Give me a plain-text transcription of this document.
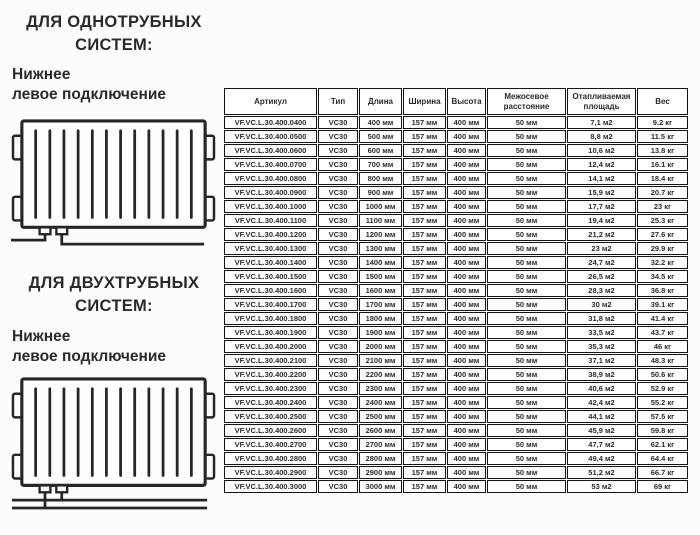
ДЛЯ ОДНОТРУБНЫХ
СИСТЕМ:
Нижнее
левое подключение
ДЛЯ ДВУХТРУБНЫХ
СИСТЕМ:
Нижнее
левое подключение
Артикул	Тип	Длина	Ширина	Высота	Межосевое расстояние	Отапливаемая площадь	Вес
VF.VC.L.30.400.0400	VC30	400 мм	157 мм	400 мм	50 мм	7,1 м2	9.2 кг
VF.VC.L.30.400.0500	VC30	500 мм	157 мм	400 мм	50 мм	8,8 м2	11.5 кг
VF.VC.L.30.400.0600	VC30	600 мм	157 мм	400 мм	50 мм	10,6 м2	13.8 кг
VF.VC.L.30.400.0700	VC30	700 мм	157 мм	400 мм	50 мм	12,4 м2	16.1 кг
VF.VC.L.30.400.0800	VC30	800 мм	157 мм	400 мм	50 мм	14,1 м2	18.4 кг
VF.VC.L.30.400.0900	VC30	900 мм	157 мм	400 мм	50 мм	15,9 м2	20.7 кг
VF.VC.L.30.400.1000	VC30	1000 мм	157 мм	400 мм	50 мм	17,7 м2	23 кг
VF.VC.L.30.400.1100	VC30	1100 мм	157 мм	400 мм	50 мм	19,4 м2	25.3 кг
VF.VC.L.30.400.1200	VC30	1200 мм	157 мм	400 мм	50 мм	21,2 м2	27.6 кг
VF.VC.L.30.400.1300	VC30	1300 мм	157 мм	400 мм	50 мм	23 м2	29.9 кг
VF.VC.L.30.400.1400	VC30	1400 мм	157 мм	400 мм	50 мм	24,7 м2	32.2 кг
VF.VC.L.30.400.1500	VC30	1500 мм	157 мм	400 мм	50 мм	26,5 м2	34.5 кг
VF.VC.L.30.400.1600	VC30	1600 мм	157 мм	400 мм	50 мм	28,3 м2	36.8 кг
VF.VC.L.30.400.1700	VC30	1700 мм	157 мм	400 мм	50 мм	30 м2	39.1 кг
VF.VC.L.30.400.1800	VC30	1800 мм	157 мм	400 мм	50 мм	31,8 м2	41.4 кг
VF.VC.L.30.400.1900	VC30	1900 мм	157 мм	400 мм	50 мм	33,5 м2	43.7 кг
VF.VC.L.30.400.2000	VC30	2000 мм	157 мм	400 мм	50 мм	35,3 м2	46 кг
VF.VC.L.30.400.2100	VC30	2100 мм	157 мм	400 мм	50 мм	37,1 м2	48.3 кг
VF.VC.L.30.400.2200	VC30	2200 мм	157 мм	400 мм	50 мм	38,9 м2	50.6 кг
VF.VC.L.30.400.2300	VC30	2300 мм	157 мм	400 мм	50 мм	40,6 м2	52.9 кг
VF.VC.L.30.400.2400	VC30	2400 мм	157 мм	400 мм	50 мм	42,4 м2	55.2 кг
VF.VC.L.30.400.2500	VC30	2500 мм	157 мм	400 мм	50 мм	44,1 м2	57.5 кг
VF.VC.L.30.400.2600	VC30	2600 мм	157 мм	400 мм	50 мм	45,9 м2	59.8 кг
VF.VC.L.30.400.2700	VC30	2700 мм	157 мм	400 мм	50 мм	47,7 м2	62.1 кг
VF.VC.L.30.400.2800	VC30	2800 мм	157 мм	400 мм	50 мм	49,4 м2	64.4 кг
VF.VC.L.30.400.2900	VC30	2900 мм	157 мм	400 мм	50 мм	51,2 м2	66.7 кг
VF.VC.L.30.400.3000	VC30	3000 мм	157 мм	400 мм	50 мм	53 м2	69 кг
